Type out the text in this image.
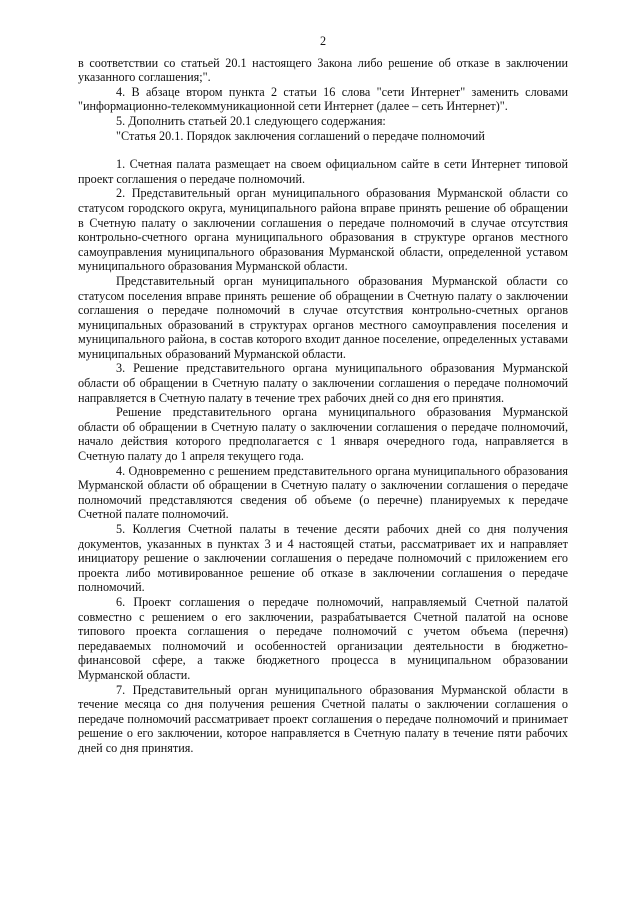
2

в соответствии со статьей 20.1 настоящего Закона либо решение об отказе в заключении указанного соглашения;".

4. В абзаце втором пункта 2 статьи 16 слова "сети Интернет" заменить словами "информационно-телекоммуникационной сети Интернет (далее – сеть Интернет)".

5. Дополнить статьей 20.1 следующего содержания:

"Статья 20.1. Порядок заключения соглашений о передаче полномочий

1. Счетная палата размещает на своем официальном сайте в сети Интернет типовой проект соглашения о передаче полномочий.

2. Представительный орган муниципального образования Мурманской области со статусом городского округа, муниципального района вправе принять решение об обращении в Счетную палату о заключении соглашения о передаче полномочий в случае отсутствия контрольно-счетного органа муниципального образования в структуре органов местного самоуправления муниципального образования Мурманской области, определенной уставом муниципального образования Мурманской области.

Представительный орган муниципального образования Мурманской области со статусом поселения вправе принять решение об обращении в Счетную палату о заключении соглашения о передаче полномочий в случае отсутствия контрольно-счетных органов муниципальных образований в структурах органов местного самоуправления поселения и муниципального района, в состав которого входит данное поселение, определенных уставами муниципальных образований Мурманской области.

3. Решение представительного органа муниципального образования Мурманской области об обращении в Счетную палату о заключении соглашения о передаче полномочий направляется в Счетную палату в течение трех рабочих дней со дня его принятия.

Решение представительного органа муниципального образования Мурманской области об обращении в Счетную палату о заключении соглашения о передаче полномочий, начало действия которого предполагается с 1 января очередного года, направляется в Счетную палату до 1 апреля текущего года.

4. Одновременно с решением представительного органа муниципального образования Мурманской области об обращении в Счетную палату о заключении соглашения о передаче полномочий представляются сведения об объеме (о перечне) планируемых к передаче Счетной палате полномочий.

5. Коллегия Счетной палаты в течение десяти рабочих дней со дня получения документов, указанных в пунктах 3 и 4 настоящей статьи, рассматривает их и направляет инициатору решение о заключении соглашения о передаче полномочий с приложением его проекта либо мотивированное решение об отказе в заключении соглашения о передаче полномочий.

6. Проект соглашения о передаче полномочий, направляемый Счетной палатой совместно с решением о его заключении, разрабатывается Счетной палатой на основе типового проекта соглашения о передаче полномочий с учетом объема (перечня) передаваемых полномочий и особенностей организации деятельности в бюджетно-финансовой сфере, а также бюджетного процесса в муниципальном образовании Мурманской области.

7. Представительный орган муниципального образования Мурманской области в течение месяца со дня получения решения Счетной палаты о заключении соглашения о передаче полномочий рассматривает проект соглашения о передаче полномочий и принимает решение о его заключении, которое направляется в Счетную палату в течение пяти рабочих дней со дня принятия.
